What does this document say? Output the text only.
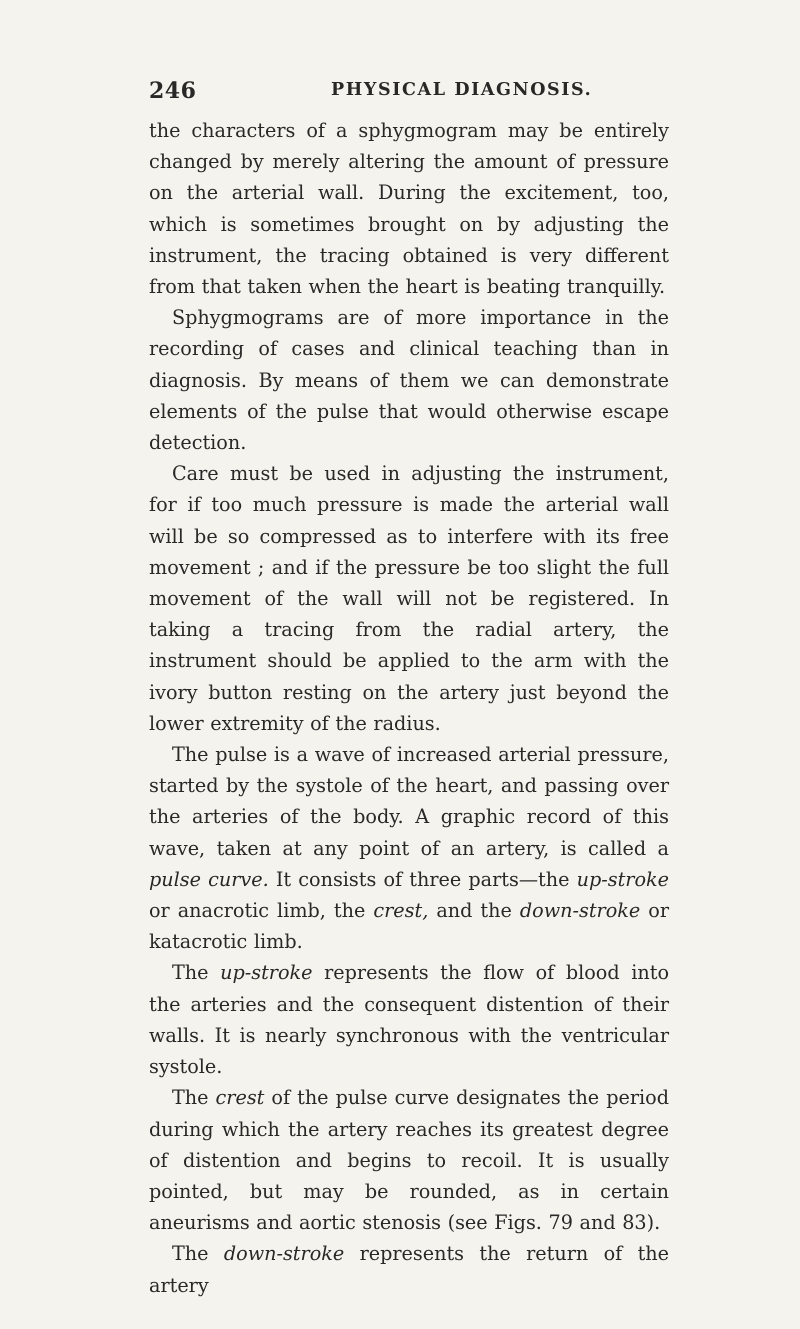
246	PHYSICAL DIAGNOSIS.

the characters of a sphygmogram may be entirely changed by merely altering the amount of pressure on the arterial wall. During the excitement, too, which is sometimes brought on by adjusting the instrument, the tracing obtained is very different from that taken when the heart is beating tranquilly.

Sphygmograms are of more importance in the recording of cases and clinical teaching than in diagnosis. By means of them we can demonstrate elements of the pulse that would otherwise escape detection.

Care must be used in adjusting the instrument, for if too much pressure is made the arterial wall will be so compressed as to interfere with its free movement ; and if the pressure be too slight the full movement of the wall will not be registered. In taking a tracing from the radial artery, the instrument should be applied to the arm with the ivory button resting on the artery just beyond the lower extremity of the radius.

The pulse is a wave of increased arterial pressure, started by the systole of the heart, and passing over the arteries of the body. A graphic record of this wave, taken at any point of an artery, is called a pulse curve. It consists of three parts—the up-stroke or anacrotic limb, the crest, and the down-stroke or katacrotic limb.

The up-stroke represents the flow of blood into the arteries and the consequent distention of their walls. It is nearly synchronous with the ventricular systole.

The crest of the pulse curve designates the period during which the artery reaches its greatest degree of distention and begins to recoil. It is usually pointed, but may be rounded, as in certain aneurisms and aortic stenosis (see Figs. 79 and 83).

The down-stroke represents the return of the artery
